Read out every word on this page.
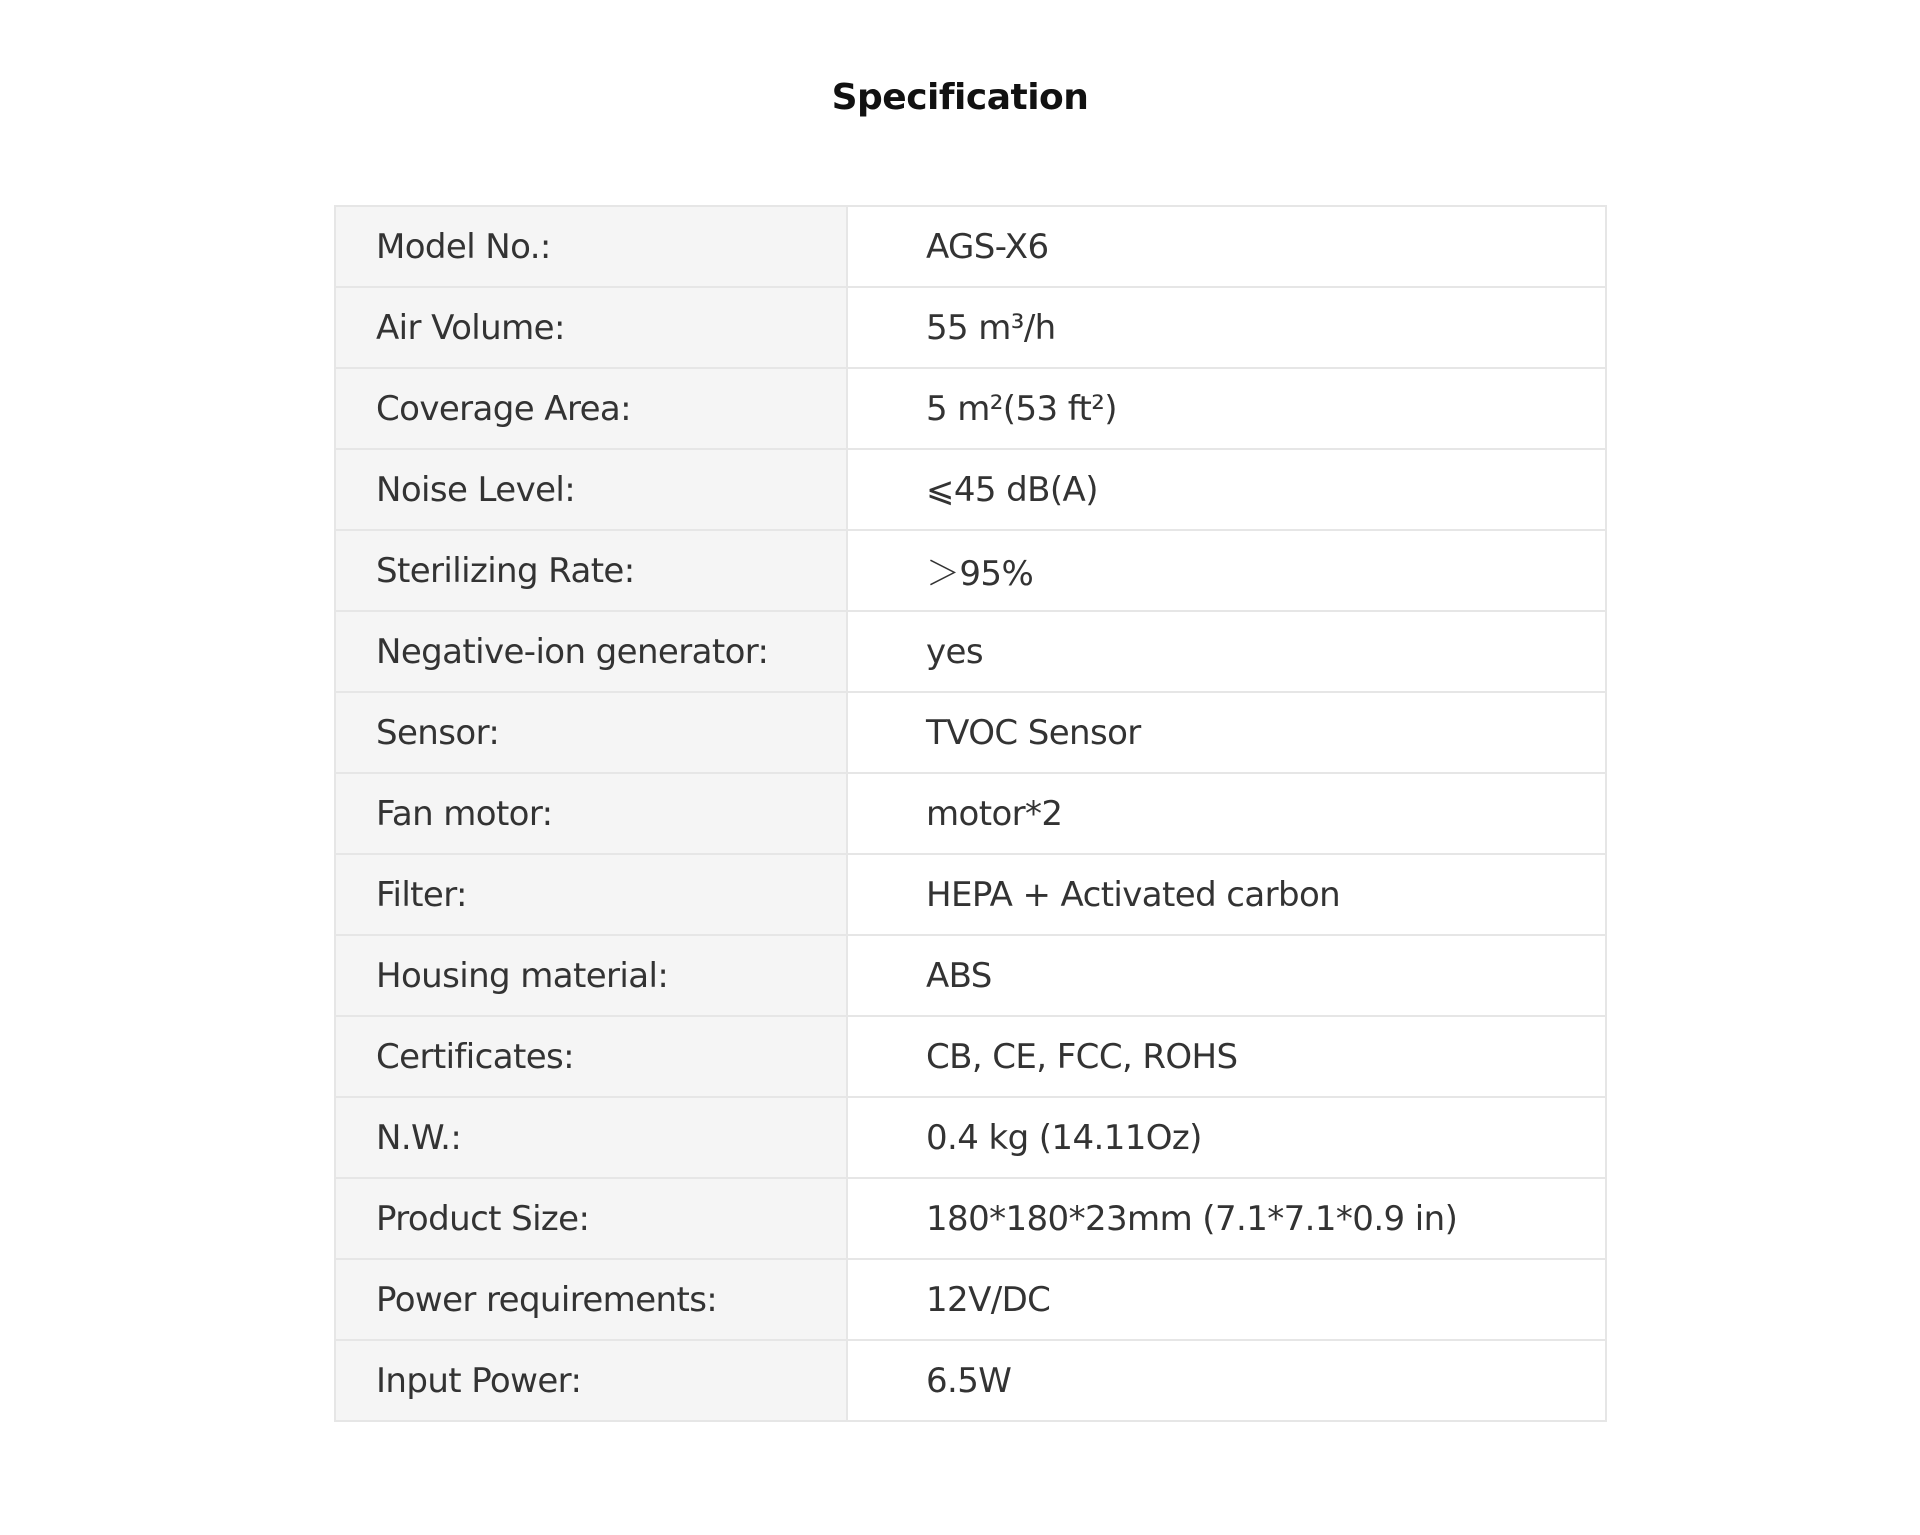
Specification
Model No.:	AGS-X6
Air Volume:	55 m³/h
Coverage Area:	5 m²(53 ft²)
Noise Level:	⩽45 dB(A)
Sterilizing Rate:	＞95%
Negative-ion generator:	yes
Sensor:	TVOC Sensor
Fan motor:	motor*2
Filter:	HEPA + Activated carbon
Housing material:	ABS
Certificates:	CB, CE, FCC, ROHS
N.W.:	0.4 kg (14.11Oz)
Product Size:	180*180*23mm (7.1*7.1*0.9 in)
Power requirements:	12V/DC
Input Power:	6.5W
